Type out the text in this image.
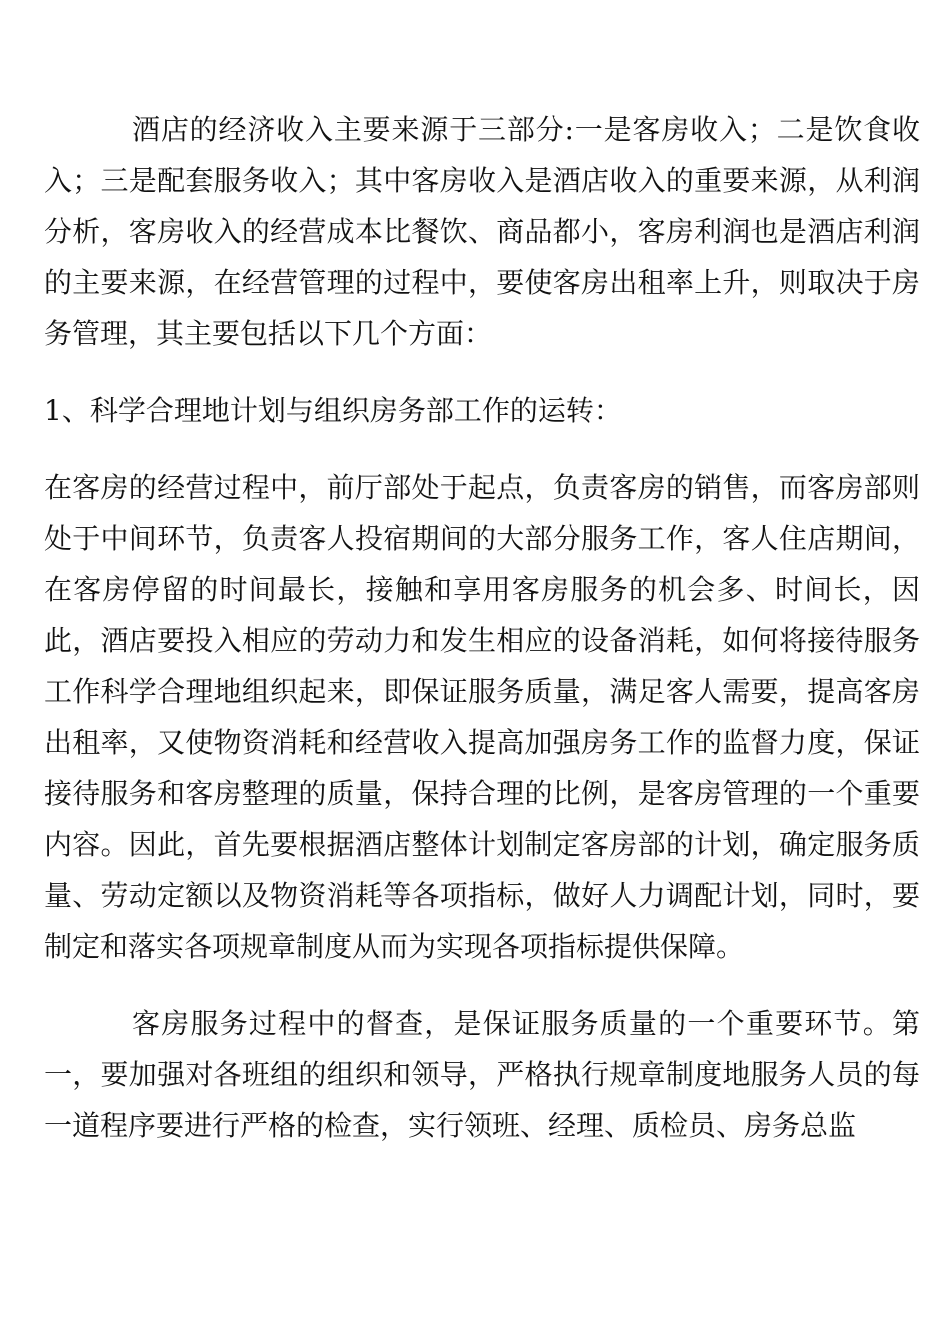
酒店的经济收入主要来源于三部分:一是客房收入；二是饮食收入；三是配套服务收入；其中客房收入是酒店收入的重要来源，从利润分析，客房收入的经营成本比餐饮、商品都小，客房利润也是酒店利润的主要来源，在经营管理的过程中，要使客房出租率上升，则取决于房务管理，其主要包括以下几个方面：

1、科学合理地计划与组织房务部工作的运转：

在客房的经营过程中，前厅部处于起点，负责客房的销售，而客房部则处于中间环节，负责客人投宿期间的大部分服务工作，客人住店期间，在客房停留的时间最长，接触和享用客房服务的机会多、时间长，因此，酒店要投入相应的劳动力和发生相应的设备消耗，如何将接待服务工作科学合理地组织起来，即保证服务质量，满足客人需要，提高客房出租率，又使物资消耗和经营收入提高加强房务工作的监督力度，保证接待服务和客房整理的质量，保持合理的比例，是客房管理的一个重要内容。因此，首先要根据酒店整体计划制定客房部的计划，确定服务质量、劳动定额以及物资消耗等各项指标，做好人力调配计划，同时，要制定和落实各项规章制度从而为实现各项指标提供保障。

客房服务过程中的督查，是保证服务质量的一个重要环节。第一，要加强对各班组的组织和领导，严格执行规章制度地服务人员的每一道程序要进行严格的检查，实行领班、经理、质检员、房务总监
